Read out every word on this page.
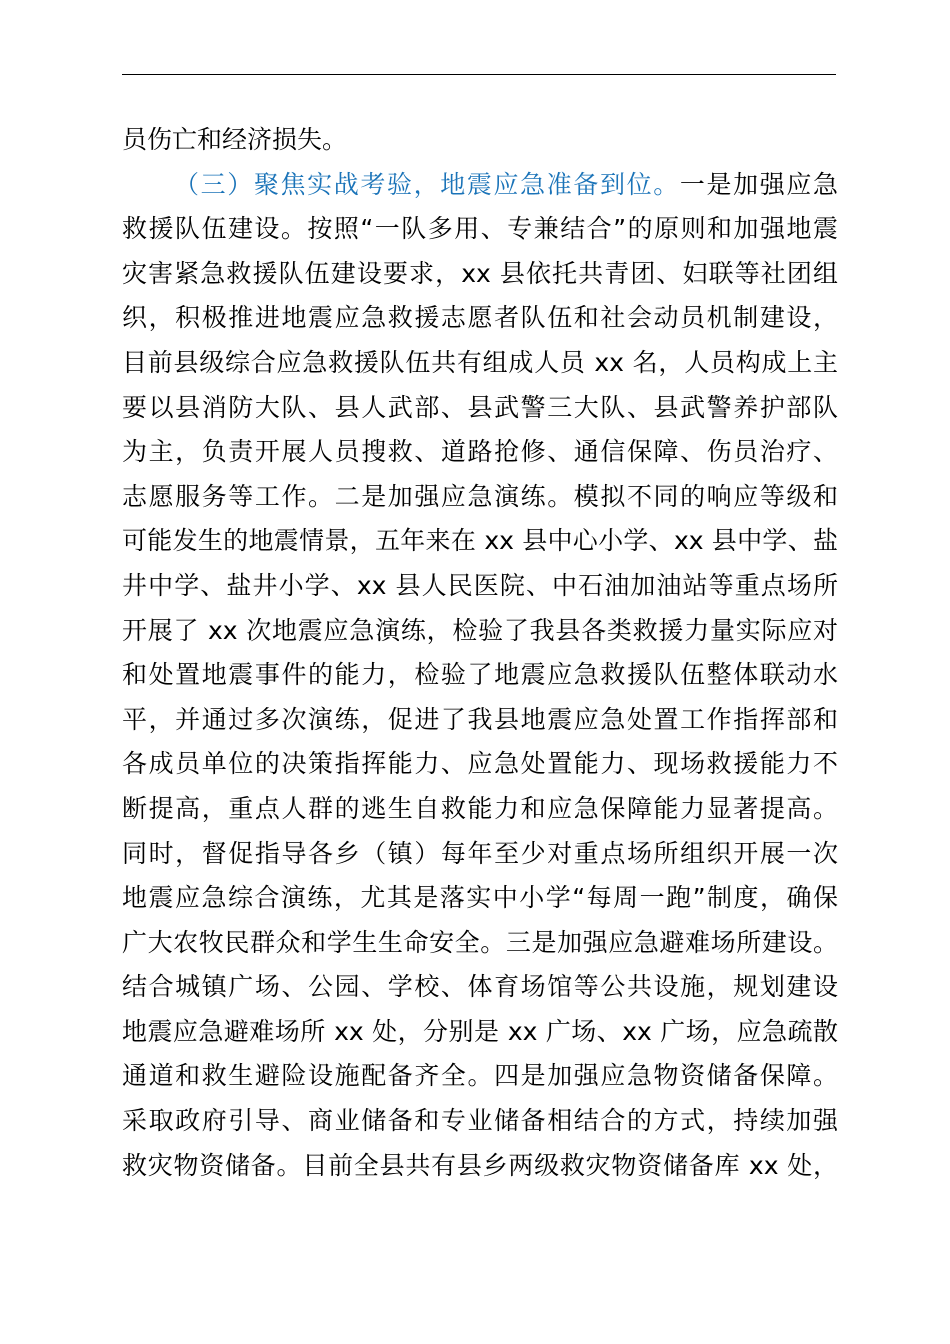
员伤亡和经济损失。
（三）聚焦实战考验，地震应急准备到位。一是加强应急
救援队伍建设。按照“一队多用、专兼结合”的原则和加强地震
灾害紧急救援队伍建设要求，xx 县依托共青团、妇联等社团组
织，积极推进地震应急救援志愿者队伍和社会动员机制建设，
目前县级综合应急救援队伍共有组成人员 xx 名，人员构成上主
要以县消防大队、县人武部、县武警三大队、县武警养护部队
为主，负责开展人员搜救、道路抢修、通信保障、伤员治疗、
志愿服务等工作。二是加强应急演练。模拟不同的响应等级和
可能发生的地震情景，五年来在 xx 县中心小学、xx 县中学、盐
井中学、盐井小学、xx 县人民医院、中石油加油站等重点场所
开展了 xx 次地震应急演练，检验了我县各类救援力量实际应对
和处置地震事件的能力，检验了地震应急救援队伍整体联动水
平，并通过多次演练，促进了我县地震应急处置工作指挥部和
各成员单位的决策指挥能力、应急处置能力、现场救援能力不
断提高，重点人群的逃生自救能力和应急保障能力显著提高。
同时，督促指导各乡（镇）每年至少对重点场所组织开展一次
地震应急综合演练，尤其是落实中小学“每周一跑”制度，确保
广大农牧民群众和学生生命安全。三是加强应急避难场所建设。
结合城镇广场、公园、学校、体育场馆等公共设施，规划建设
地震应急避难场所 xx 处，分别是 xx 广场、xx 广场，应急疏散
通道和救生避险设施配备齐全。四是加强应急物资储备保障。
采取政府引导、商业储备和专业储备相结合的方式，持续加强
救灾物资储备。目前全县共有县乡两级救灾物资储备库 xx 处，
